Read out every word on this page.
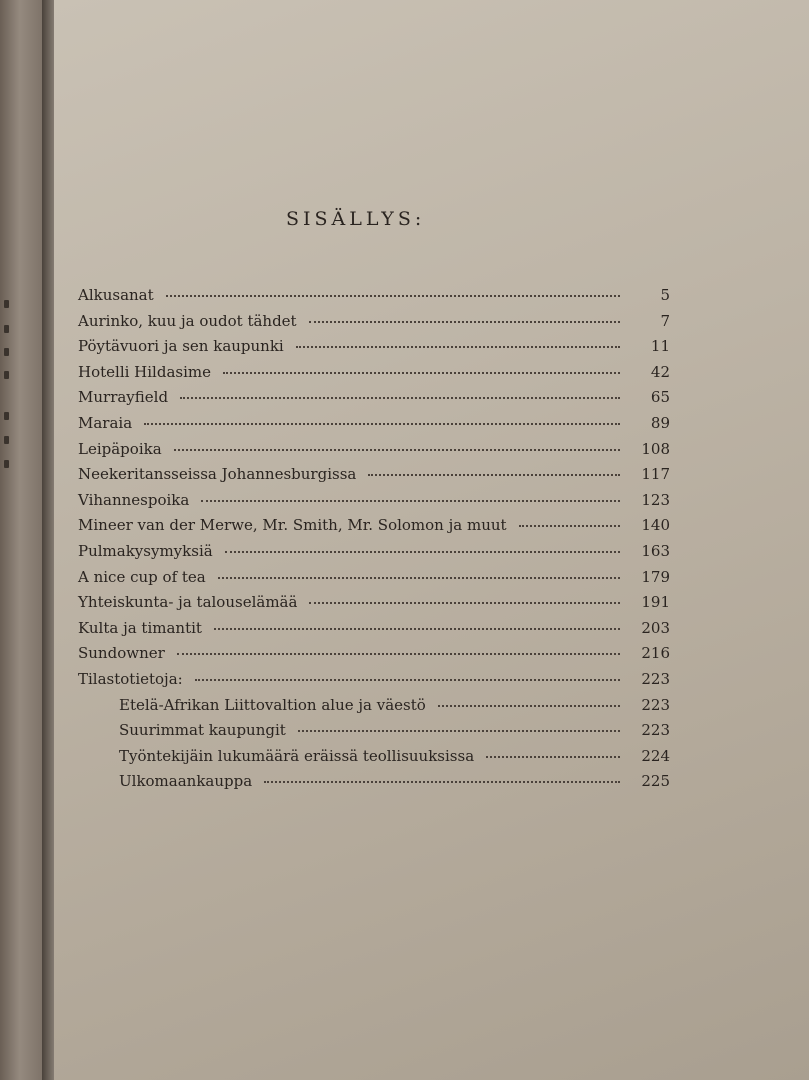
SISÄLLYS:
Alkusanat	5
Aurinko, kuu ja oudot tähdet	7
Pöytävuori ja sen kaupunki	11
Hotelli Hildasime	42
Murrayfield	65
Maraia	89
Leipäpoika	108
Neekeritansseissa Johannesburgissa	117
Vihannespoika	123
Mineer van der Merwe, Mr. Smith, Mr. Solomon ja muut	140
Pulmakysymyksiä	163
A nice cup of tea	179
Yhteiskunta- ja talouselämää	191
Kulta ja timantit	203
Sundowner	216
Tilastotietoja:	223
Etelä-Afrikan Liittovaltion alue ja väestö	223
Suurimmat kaupungit	223
Työntekijäin lukumäärä eräissä teollisuuksissa	224
Ulkomaankauppa	225
